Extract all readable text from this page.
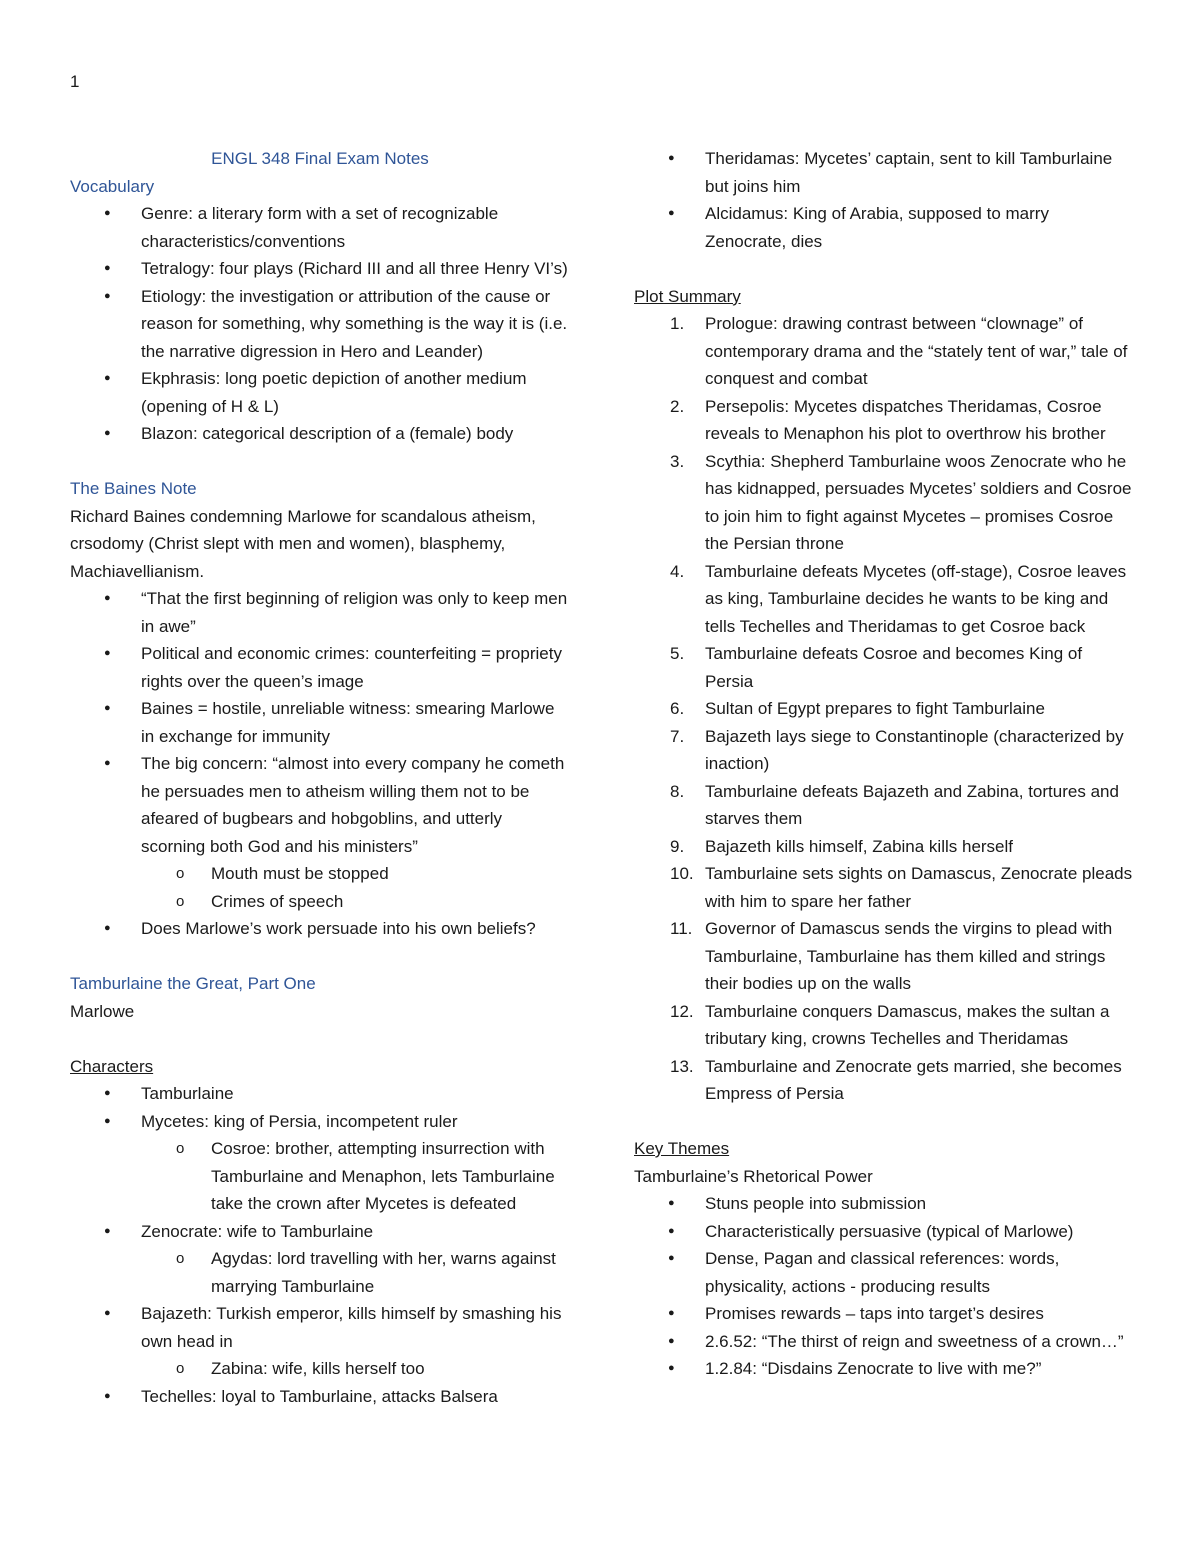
1

ENGL 348 Final Exam Notes

Vocabulary

● Genre: a literary form with a set of recognizable characteristics/conventions
● Tetralogy: four plays (Richard III and all three Henry VI’s)
● Etiology: the investigation or attribution of the cause or reason for something, why something is the way it is (i.e. the narrative digression in Hero and Leander)
● Ekphrasis: long poetic depiction of another medium (opening of H & L)
● Blazon: categorical description of a (female) body

The Baines Note

Richard Baines condemning Marlowe for scandalous atheism, crsodomy (Christ slept with men and women), blasphemy, Machiavellianism.

● “That the first beginning of religion was only to keep men in awe”
● Political and economic crimes: counterfeiting = propriety rights over the queen’s image
● Baines = hostile, unreliable witness: smearing Marlowe in exchange for immunity
● The big concern: “almost into every company he cometh he persuades men to atheism willing them not to be afeared of bugbears and hobgoblins, and utterly scorning both God and his ministers”
o Mouth must be stopped
o Crimes of speech
● Does Marlowe’s work persuade into his own beliefs?

Tamburlaine the Great, Part One

Marlowe

Characters

● Tamburlaine
● Mycetes: king of Persia, incompetent ruler
o Cosroe: brother, attempting insurrection with Tamburlaine and Menaphon, lets Tamburlaine take the crown after Mycetes is defeated
● Zenocrate: wife to Tamburlaine
o Agydas: lord travelling with her, warns against marrying Tamburlaine
● Bajazeth: Turkish emperor, kills himself by smashing his own head in
o Zabina: wife, kills herself too
● Techelles: loyal to Tamburlaine, attacks Balsera
● Theridamas: Mycetes’ captain, sent to kill Tamburlaine but joins him
● Alcidamus: King of Arabia, supposed to marry Zenocrate, dies

Plot Summary

1.	Prologue: drawing contrast between “clownage” of contemporary drama and the “stately tent of war,” tale of conquest and combat
2.	Persepolis: Mycetes dispatches Theridamas, Cosroe reveals to Menaphon his plot to overthrow his brother
3.	Scythia: Shepherd Tamburlaine woos Zenocrate who he has kidnapped, persuades Mycetes’ soldiers and Cosroe to join him to fight against Mycetes – promises Cosroe the Persian throne
4.	Tamburlaine defeats Mycetes (off-stage), Cosroe leaves as king, Tamburlaine decides he wants to be king and tells Techelles and Theridamas to get Cosroe back
5.	Tamburlaine defeats Cosroe and becomes King of Persia
6.	Sultan of Egypt prepares to fight Tamburlaine
7.	Bajazeth lays siege to Constantinople (characterized by inaction)
8.	Tamburlaine defeats Bajazeth and Zabina, tortures and starves them
9.	Bajazeth kills himself, Zabina kills herself
10. Tamburlaine sets sights on Damascus, Zenocrate pleads with him to spare her father
11. Governor of Damascus sends the virgins to plead with Tamburlaine, Tamburlaine has them killed and strings their bodies up on the walls
12. Tamburlaine conquers Damascus, makes the sultan a tributary king, crowns Techelles and Theridamas
13. Tamburlaine and Zenocrate gets married, she becomes Empress of Persia

Key Themes

Tamburlaine’s Rhetorical Power

● Stuns people into submission
● Characteristically persuasive (typical of Marlowe)
● Dense, Pagan and classical references: words, physicality, actions - producing results
● Promises rewards – taps into target’s desires
● 2.6.52: “The thirst of reign and sweetness of a crown…”
● 1.2.84: “Disdains Zenocrate to live with me?”
